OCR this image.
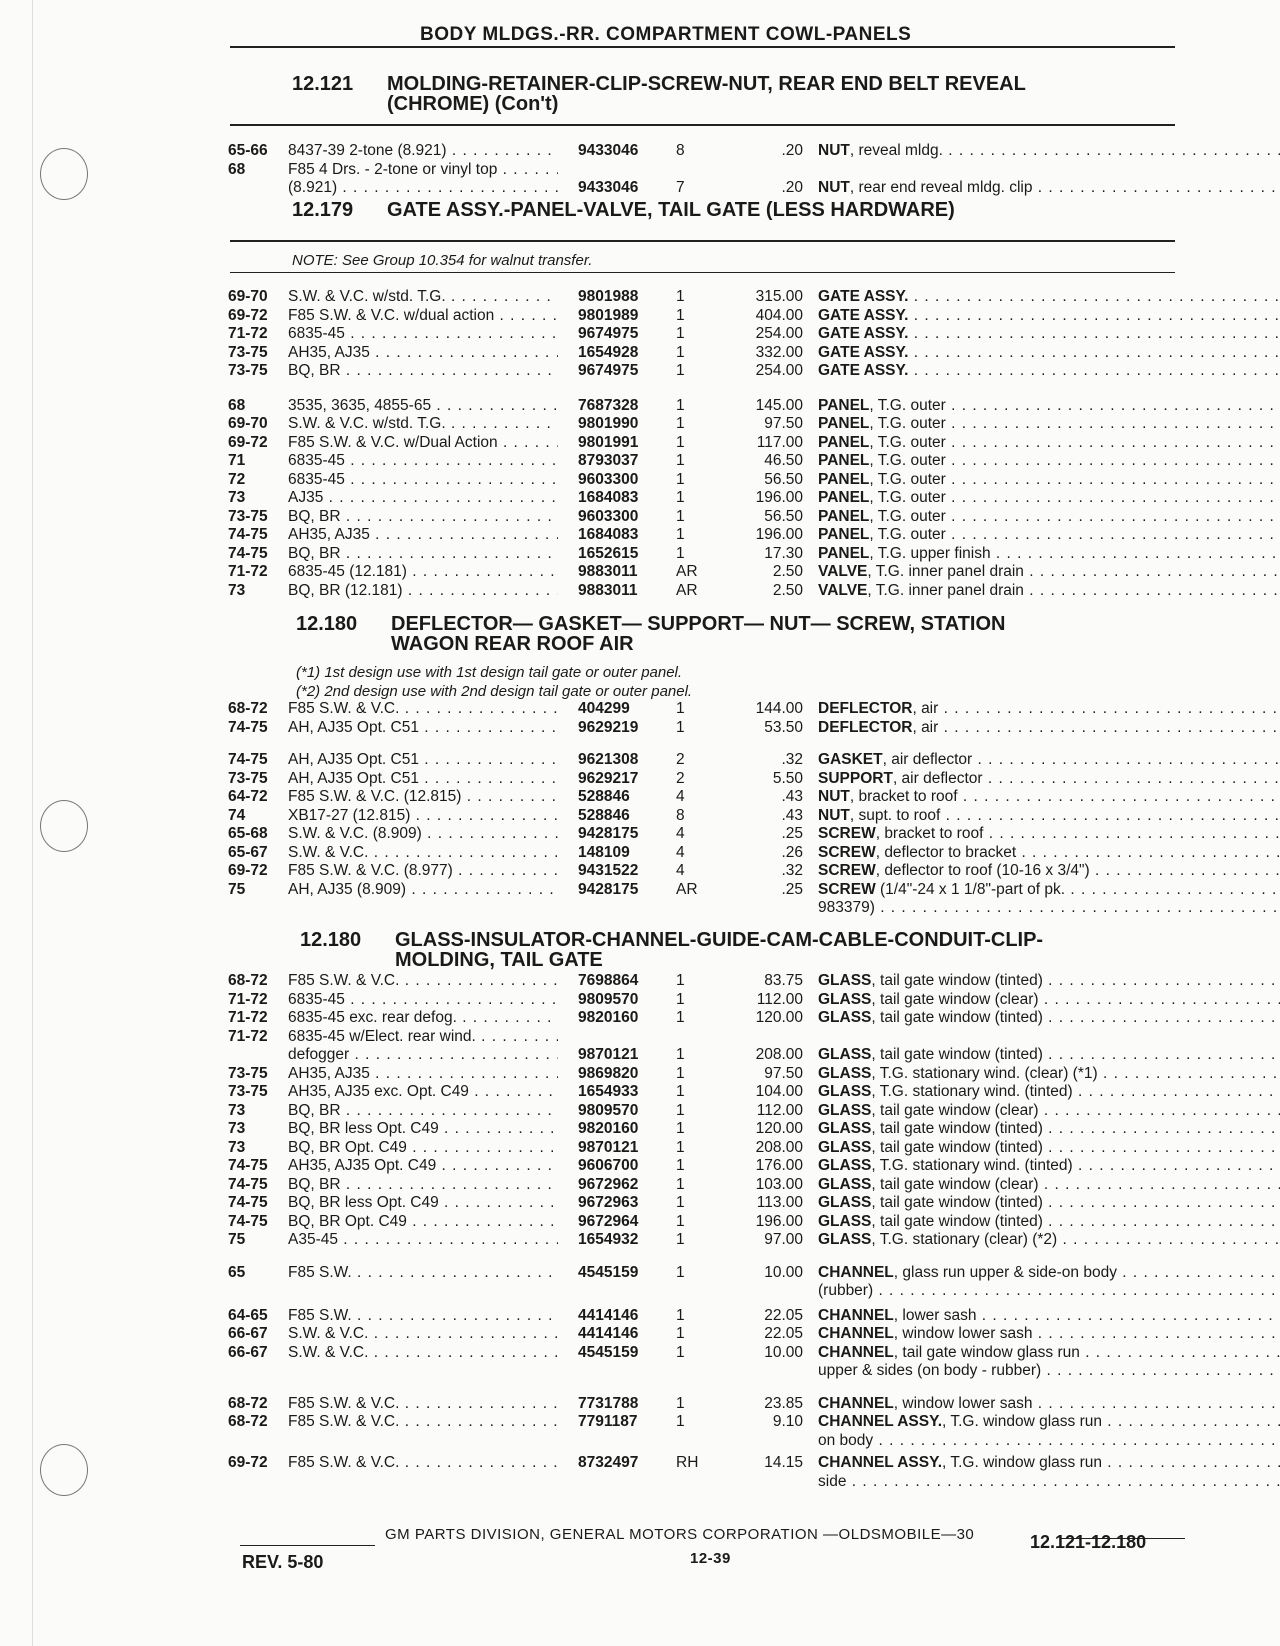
BODY MLDGS.-RR. COMPARTMENT COWL-PANELS
12.121 MOLDING-RETAINER-CLIP-SCREW-NUT, REAR END BELT REVEAL
(CHROME) (Con't)
65-66	8437-39 2-tone (8.921) . . .	9433046	8	.20 NUT, reveal mldg. . . .
68	F85 4 Drs. - 2-tone or vinyl top . . .
(8.921) . . .	9433046	7	.20 NUT, rear end reveal mldg. clip . . .
12.179 GATE ASSY.-PANEL-VALVE, TAIL GATE (LESS HARDWARE)
NOTE: See Group 10.354 for walnut transfer.
69-70	S.W. & V.C. w/std. T.G. . . .	9801988	1	315.00 GATE ASSY. . . .
69-72	F85 S.W. & V.C. w/dual action . . .	9801989	1	404.00 GATE ASSY. . . .
71-72	6835-45 . . .	9674975	1	254.00 GATE ASSY. . . .
73-75	AH35, AJ35 . . .	1654928	1	332.00 GATE ASSY. . . .
73-75	BQ, BR . . .	9674975	1	254.00 GATE ASSY. . . .
68	3535, 3635, 4855-65 . . .	7687328	1	145.00 PANEL, T.G. outer . . .
69-70	S.W. & V.C. w/std. T.G. . . .	9801990	1	97.50 PANEL, T.G. outer . . .
69-72	F85 S.W. & V.C. w/Dual Action . . .	9801991	1	117.00 PANEL, T.G. outer . . .
71	6835-45 . . .	8793037	1	46.50 PANEL, T.G. outer . . .
72	6835-45 . . .	9603300	1	56.50 PANEL, T.G. outer . . .
73	AJ35 . . .	1684083	1	196.00 PANEL, T.G. outer . . .
73-75	BQ, BR . . .	9603300	1	56.50 PANEL, T.G. outer . . .
74-75	AH35, AJ35 . . .	1684083	1	196.00 PANEL, T.G. outer . . .
74-75	BQ, BR . . .	1652615	1	17.30 PANEL, T.G. upper finish . . .
71-72	6835-45 (12.181) . . .	9883011	AR	2.50 VALVE, T.G. inner panel drain . . .
73	BQ, BR (12.181) . . .	9883011	AR	2.50 VALVE, T.G. inner panel drain . . .
12.180 DEFLECTOR— GASKET— SUPPORT— NUT— SCREW, STATION
WAGON REAR ROOF AIR
(*1) 1st design use with 1st design tail gate or outer panel.
(*2) 2nd design use with 2nd design tail gate or outer panel.
68-72	F85 S.W. & V.C. . . .	404299	1	144.00 DEFLECTOR, air . . .
74-75	AH, AJ35 Opt. C51 . . .	9629219	1	53.50 DEFLECTOR, air . . .
74-75	AH, AJ35 Opt. C51 . . .	9621308	2	.32 GASKET, air deflector . . .
73-75	AH, AJ35 Opt. C51 . . .	9629217	2	5.50 SUPPORT, air deflector . . .
64-72	F85 S.W. & V.C. (12.815) . . .	528846	4	.43 NUT, bracket to roof . . .
74	XB17-27 (12.815) . . .	528846	8	.43 NUT, supt. to roof . . .
65-68	S.W. & V.C. (8.909) . . .	9428175	4	.25 SCREW, bracket to roof . . .
65-67	S.W. & V.C. . . .	148109	4	.26 SCREW, deflector to bracket . . .
69-72	F85 S.W. & V.C. (8.977) . . .	9431522	4	.32 SCREW, deflector to roof (10-16 x 3/4") . . .
75	AH, AJ35 (8.909) . . .	9428175	AR	.25 SCREW (1/4"-24 x 1 1/8"-part of pk. . . .
983379) . . .
12.180 GLASS-INSULATOR-CHANNEL-GUIDE-CAM-CABLE-CONDUIT-CLIP-
MOLDING, TAIL GATE
68-72	F85 S.W. & V.C. . . .	7698864	1	83.75 GLASS, tail gate window (tinted) . . .
71-72	6835-45 . . .	9809570	1	112.00 GLASS, tail gate window (clear) . . .
71-72	6835-45 exc. rear defog. . . .	9820160	1	120.00 GLASS, tail gate window (tinted) . . .
71-72	6835-45 w/Elect. rear wind. . . .
defogger . . .	9870121	1	208.00 GLASS, tail gate window (tinted) . . .
73-75	AH35, AJ35 . . .	9869820	1	97.50 GLASS, T.G. stationary wind. (clear) (*1) . . .
73-75	AH35, AJ35 exc. Opt. C49 . . .	1654933	1	104.00 GLASS, T.G. stationary wind. (tinted) . . .
73	BQ, BR . . .	9809570	1	112.00 GLASS, tail gate window (clear) . . .
73	BQ, BR less Opt. C49 . . .	9820160	1	120.00 GLASS, tail gate window (tinted) . . .
73	BQ, BR Opt. C49 . . .	9870121	1	208.00 GLASS, tail gate window (tinted) . . .
74-75	AH35, AJ35 Opt. C49 . . .	9606700	1	176.00 GLASS, T.G. stationary wind. (tinted) . . .
74-75	BQ, BR . . .	9672962	1	103.00 GLASS, tail gate window (clear) . . .
74-75	BQ, BR less Opt. C49 . . .	9672963	1	113.00 GLASS, tail gate window (tinted) . . .
74-75	BQ, BR Opt. C49 . . .	9672964	1	196.00 GLASS, tail gate window (tinted) . . .
75	A35-45 . . .	1654932	1	97.00 GLASS, T.G. stationary (clear) (*2) . . .
65	F85 S.W. . . .	4545159	1	10.00 CHANNEL, glass run upper & side-on body . . .
(rubber) . . .
64-65	F85 S.W. . . .	4414146	1	22.05 CHANNEL, lower sash . . .
66-67	S.W. & V.C. . . .	4414146	1	22.05 CHANNEL, window lower sash . . .
66-67	S.W. & V.C. . . .	4545159	1	10.00 CHANNEL, tail gate window glass run . . .
upper & sides (on body - rubber) . . .
68-72	F85 S.W. & V.C. . . .	7731788	1	23.85 CHANNEL, window lower sash . . .
68-72	F85 S.W. & V.C. . . .	7791187	1	9.10 CHANNEL ASSY., T.G. window glass run . . .
on body . . .
69-72	F85 S.W. & V.C. . . .	8732497	RH	14.15 CHANNEL ASSY., T.G. window glass run . . .
side . . .
GM PARTS DIVISION, GENERAL MOTORS CORPORATION —OLDSMOBILE—30
REV. 5-80	12-39
12.121-12.180
